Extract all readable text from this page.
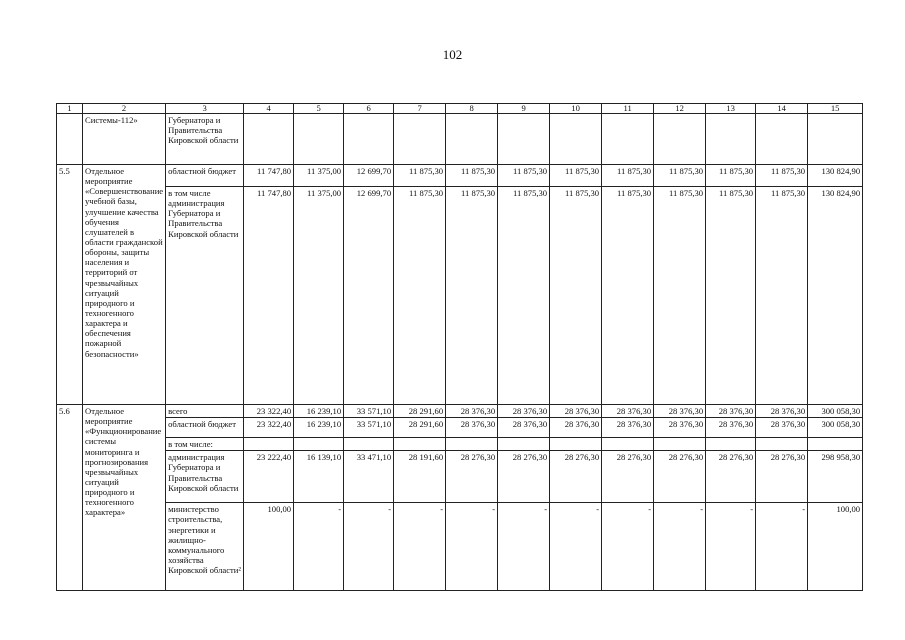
102
1	2	3	4	5	6	7	8	9	10	11	12	13	14	15
	Системы-112»	Губернатора и Правительства Кировской области												
5.5	Отдельное мероприятие «Совершенствование учебной базы, улучшение качества обучения слушателей в области гражданской обороны, защиты населения и территорий от чрезвычайных ситуаций природного и техногенного характера и обеспечения пожарной безопасности»	областной бюджет	11 747,80	11 375,00	12 699,70	11 875,30	11 875,30	11 875,30	11 875,30	11 875,30	11 875,30	11 875,30	11 875,30	130 824,90
		в том числе администрация Губернатора и Правительства Кировской области	11 747,80	11 375,00	12 699,70	11 875,30	11 875,30	11 875,30	11 875,30	11 875,30	11 875,30	11 875,30	11 875,30	130 824,90
5.6	Отдельное мероприятие «Функционирование системы мониторинга и прогнозирования чрезвычайных ситуаций природного и техногенного характера»	всего	23 322,40	16 239,10	33 571,10	28 291,60	28 376,30	28 376,30	28 376,30	28 376,30	28 376,30	28 376,30	28 376,30	300 058,30
		областной бюджет	23 322,40	16 239,10	33 571,10	28 291,60	28 376,30	28 376,30	28 376,30	28 376,30	28 376,30	28 376,30	28 376,30	300 058,30
		в том числе:												
		администрация Губернатора и Правительства Кировской области	23 222,40	16 139,10	33 471,10	28 191,60	28 276,30	28 276,30	28 276,30	28 276,30	28 276,30	28 276,30	28 276,30	298 958,30
		министерство строительства, энергетики и жилищно-коммунального хозяйства Кировской области²	100,00	-	-	-	-	-	-	-	-	-	-	100,00
